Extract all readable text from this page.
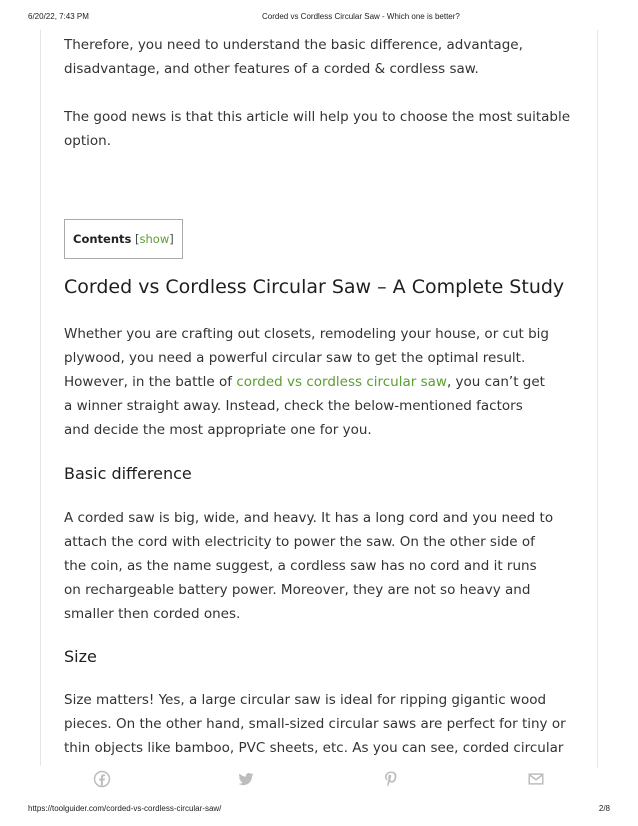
6/20/22, 7:43 PM	Corded vs Cordless Circular Saw - Which one is better?

Therefore, you need to understand the basic difference, advantage, disadvantage, and other features of a corded & cordless saw.

The good news is that this article will help you to choose the most suitable option.

Contents [show]
Corded vs Cordless Circular Saw – A Complete Study

Whether you are crafting out closets, remodeling your house, or cut big plywood, you need a powerful circular saw to get the optimal result. However, in the battle of corded vs cordless circular saw, you can’t get a winner straight away. Instead, check the below-mentioned factors and decide the most appropriate one for you.

Basic difference

A corded saw is big, wide, and heavy. It has a long cord and you need to attach the cord with electricity to power the saw. On the other side of the coin, as the name suggest, a cordless saw has no cord and it runs on rechargeable battery power. Moreover, they are not so heavy and smaller then corded ones.

Size

Size matters! Yes, a large circular saw is ideal for ripping gigantic wood pieces. On the other hand, small-sized circular saws are perfect for tiny or thin objects like bamboo, PVC sheets, etc. As you can see, corded circular

https://toolguider.com/corded-vs-cordless-circular-saw/	2/8
